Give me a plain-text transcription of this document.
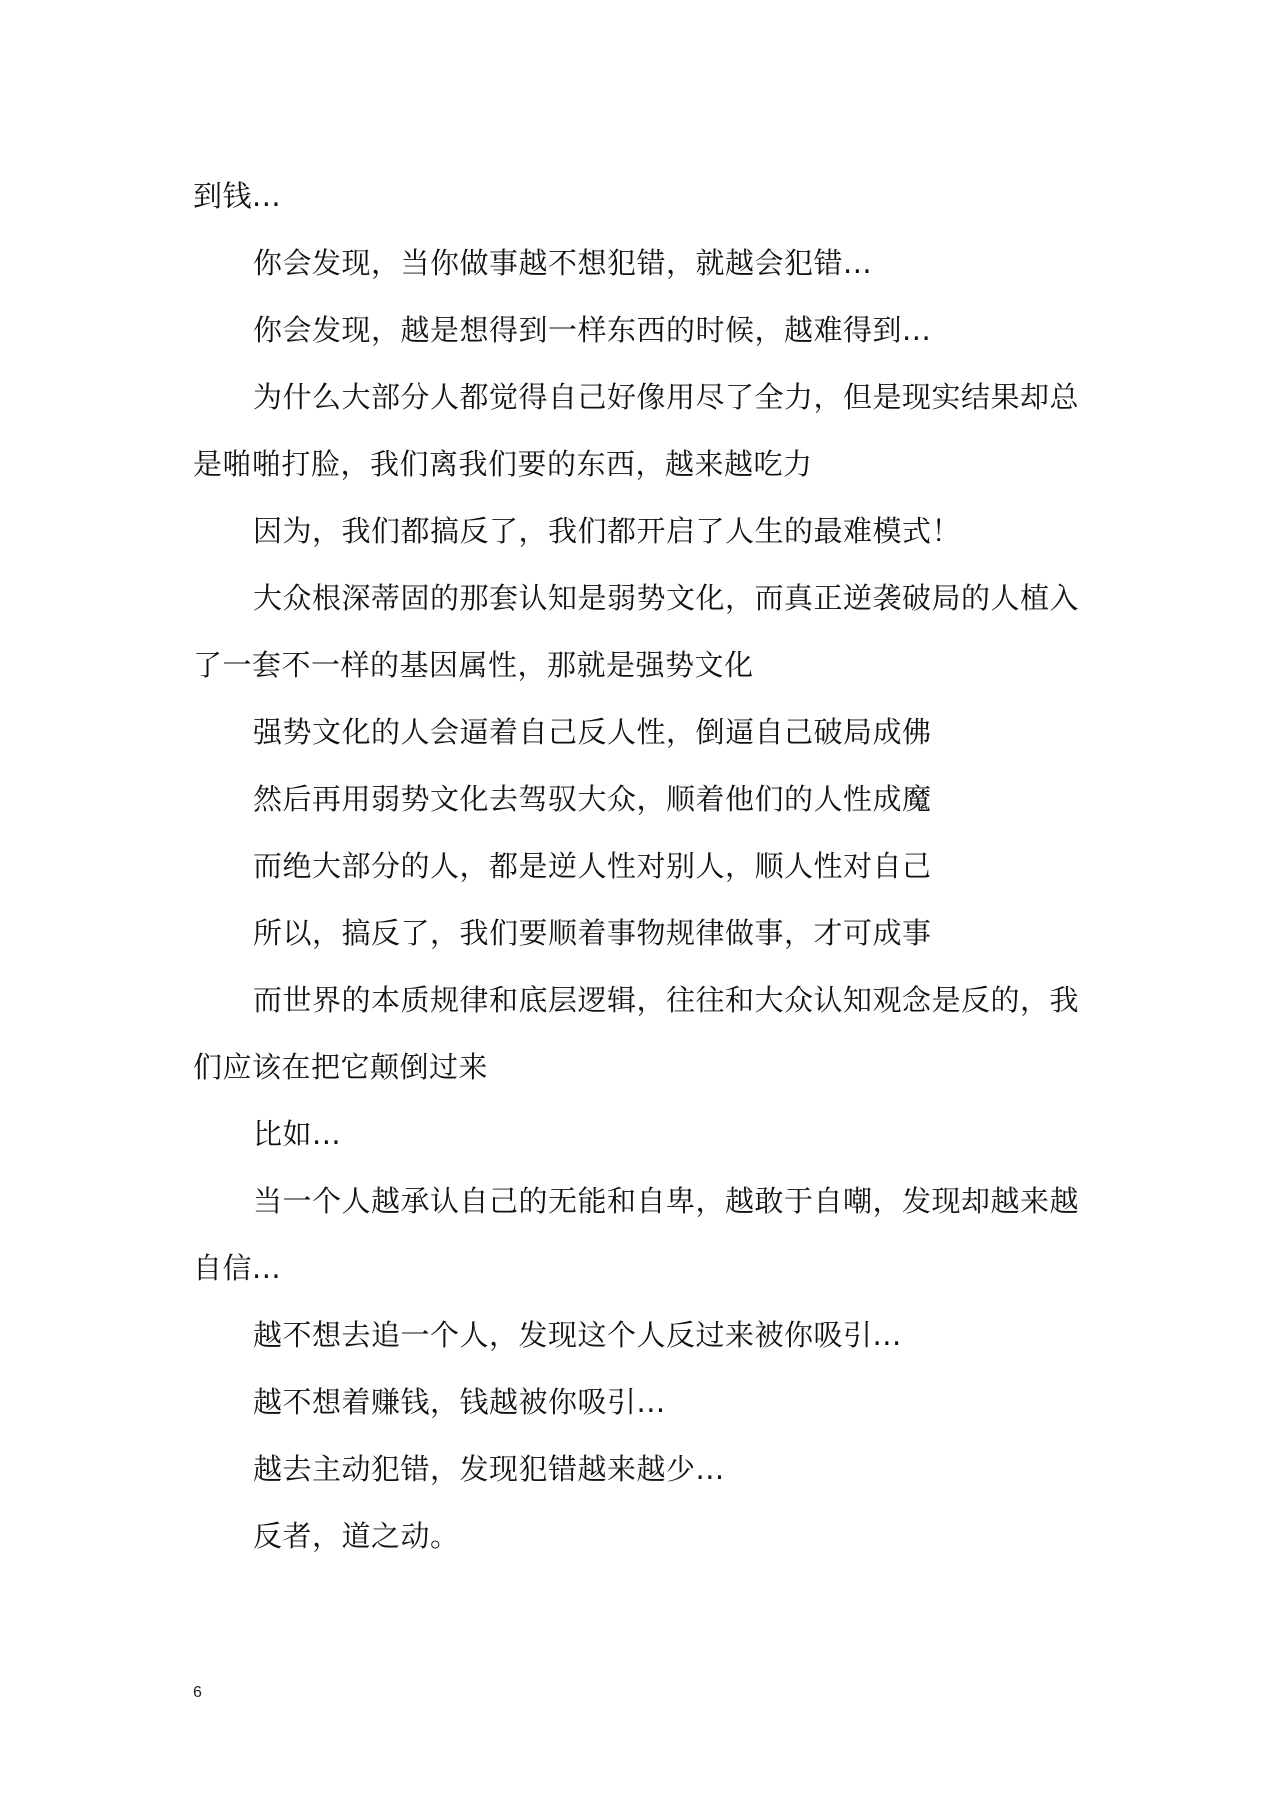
到钱...
你会发现，当你做事越不想犯错，就越会犯错...
你会发现，越是想得到一样东西的时候，越难得到...
为什么大部分人都觉得自己好像用尽了全力，但是现实结果却总
是啪啪打脸，我们离我们要的东西，越来越吃力
因为，我们都搞反了，我们都开启了人生的最难模式！
大众根深蒂固的那套认知是弱势文化，而真正逆袭破局的人植入
了一套不一样的基因属性，那就是强势文化
强势文化的人会逼着自己反人性，倒逼自己破局成佛
然后再用弱势文化去驾驭大众，顺着他们的人性成魔
而绝大部分的人，都是逆人性对别人，顺人性对自己
所以，搞反了，我们要顺着事物规律做事，才可成事
而世界的本质规律和底层逻辑，往往和大众认知观念是反的，我
们应该在把它颠倒过来
比如...
当一个人越承认自己的无能和自卑，越敢于自嘲，发现却越来越
自信...
越不想去追一个人，发现这个人反过来被你吸引...
越不想着赚钱，钱越被你吸引...
越去主动犯错，发现犯错越来越少...
反者，道之动。
6
